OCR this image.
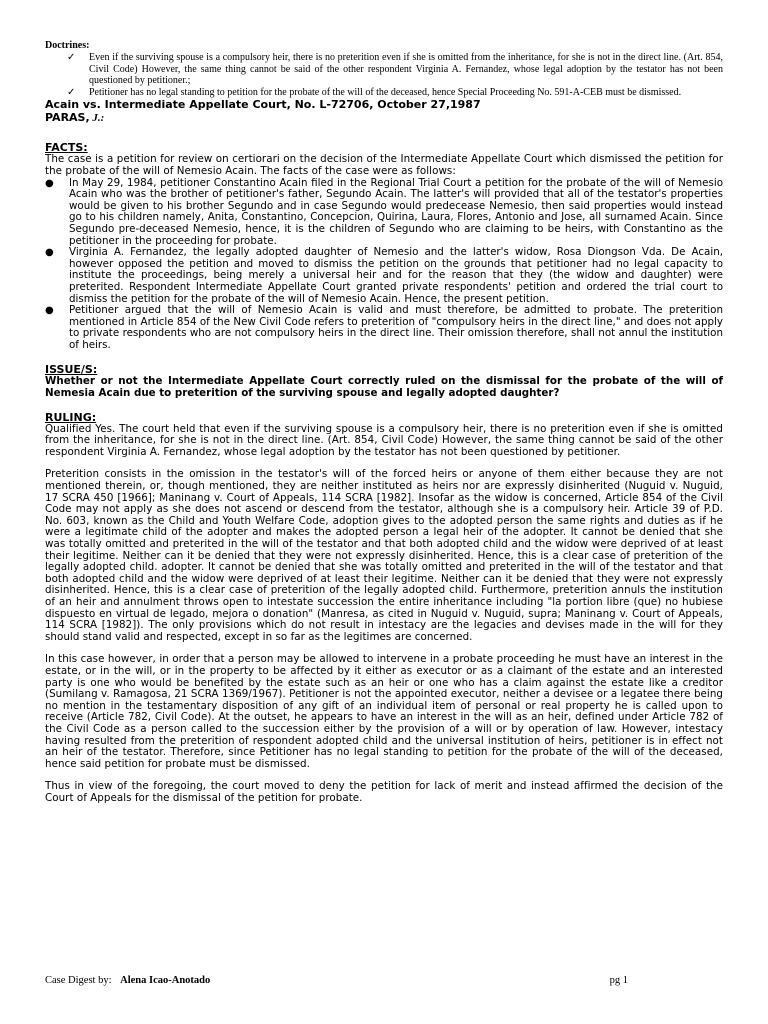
Doctrines:

✓ Even if the surviving spouse is a compulsory heir, there is no preterition even if she is omitted from the inheritance, for she is not in the direct line. (Art. 854, Civil Code) However, the same thing cannot be said of the other respondent Virginia A. Fernandez, whose legal adoption by the testator has not been questioned by petitioner.;
✓ Petitioner has no legal standing to petition for the probate of the will of the deceased, hence Special Proceeding No. 591-A-CEB must be dismissed.

Acain vs. Intermediate Appellate Court, No. L-72706, October 27,1987

PARAS, J.:

FACTS:

The case is a petition for review on certiorari on the decision of the Intermediate Appellate Court which dismissed the petition for the probate of the will of Nemesio Acain. The facts of the case were as follows:

● In May 29, 1984, petitioner Constantino Acain filed in the Regional Trial Court a petition for the probate of the will of Nemesio Acain who was the brother of petitioner's father, Segundo Acain. The latter's will provided that all of the testator's properties would be given to his brother Segundo and in case Segundo would predecease Nemesio, then said properties would instead go to his children namely, Anita, Constantino, Concepcion, Quirina, Laura, Flores, Antonio and Jose, all surnamed Acain. Since Segundo pre-deceased Nemesio, hence, it is the children of Segundo who are claiming to be heirs, with Constantino as the petitioner in the proceeding for probate.
● Virginia A. Fernandez, the legally adopted daughter of Nemesio and the latter's widow, Rosa Diongson Vda. De Acain, however opposed the petition and moved to dismiss the petition on the grounds that petitioner had no legal capacity to institute the proceedings, being merely a universal heir and for the reason that they (the widow and daughter) were preterited. Respondent Intermediate Appellate Court granted private respondents' petition and ordered the trial court to dismiss the petition for the probate of the will of Nemesio Acain. Hence, the present petition.
● Petitioner argued that the will of Nemesio Acain is valid and must therefore, be admitted to probate. The preterition mentioned in Article 854 of the New Civil Code refers to preterition of "compulsory heirs in the direct line," and does not apply to private respondents who are not compulsory heirs in the direct line. Their omission therefore, shall not annul the institution of heirs.

ISSUE/S:

Whether or not the Intermediate Appellate Court correctly ruled on the dismissal for the probate of the will of Nemesia Acain due to preterition of the surviving spouse and legally adopted daughter?

RULING:

Qualified Yes. The court held that even if the surviving spouse is a compulsory heir, there is no preterition even if she is omitted from the inheritance, for she is not in the direct line. (Art. 854, Civil Code) However, the same thing cannot be said of the other respondent Virginia A. Fernandez, whose legal adoption by the testator has not been questioned by petitioner.

Preterition consists in the omission in the testator's will of the forced heirs or anyone of them either because they are not mentioned therein, or, though mentioned, they are neither instituted as heirs nor are expressly disinherited (Nuguid v. Nuguid, 17 SCRA 450 [1966]; Maninang v. Court of Appeals, 114 SCRA [1982]. Insofar as the widow is concerned, Article 854 of the Civil Code may not apply as she does not ascend or descend from the testator, although she is a compulsory heir. Article 39 of P.D. No. 603, known as the Child and Youth Welfare Code, adoption gives to the adopted person the same rights and duties as if he were a legitimate child of the adopter and makes the adopted person a legal heir of the adopter. It cannot be denied that she was totally omitted and preterited in the will of the testator and that both adopted child and the widow were deprived of at least their legitime. Neither can it be denied that they were not expressly disinherited. Hence, this is a clear case of preterition of the legally adopted child. adopter. It cannot be denied that she was totally omitted and preterited in the will of the testator and that both adopted child and the widow were deprived of at least their legitime. Neither can it be denied that they were not expressly disinherited. Hence, this is a clear case of preterition of the legally adopted child. Furthermore, preterition annuls the institution of an heir and annulment throws open to intestate succession the entire inheritance including "la portion libre (que) no hubiese dispuesto en virtual de legado, mejora o donation" (Manresa, as cited in Nuguid v. Nuguid, supra; Maninang v. Court of Appeals, 114 SCRA [1982]). The only provisions which do not result in intestacy are the legacies and devises made in the will for they should stand valid and respected, except in so far as the legitimes are concerned.

In this case however, in order that a person may be allowed to intervene in a probate proceeding he must have an interest in the estate, or in the will, or in the property to be affected by it either as executor or as a claimant of the estate and an interested party is one who would be benefited by the estate such as an heir or one who has a claim against the estate like a creditor (Sumilang v. Ramagosa, 21 SCRA 1369/1967). Petitioner is not the appointed executor, neither a devisee or a legatee there being no mention in the testamentary disposition of any gift of an individual item of personal or real property he is called upon to receive (Article 782, Civil Code). At the outset, he appears to have an interest in the will as an heir, defined under Article 782 of the Civil Code as a person called to the succession either by the provision of a will or by operation of law. However, intestacy having resulted from the preterition of respondent adopted child and the universal institution of heirs, petitioner is in effect not an heir of the testator. Therefore, since Petitioner has no legal standing to petition for the probate of the will of the deceased, hence said petition for probate must be dismissed.

Thus in view of the foregoing, the court moved to deny the petition for lack of merit and instead affirmed the decision of the Court of Appeals for the dismissal of the petition for probate.

Case Digest by: Alena Icao-Anotado	pg 1
